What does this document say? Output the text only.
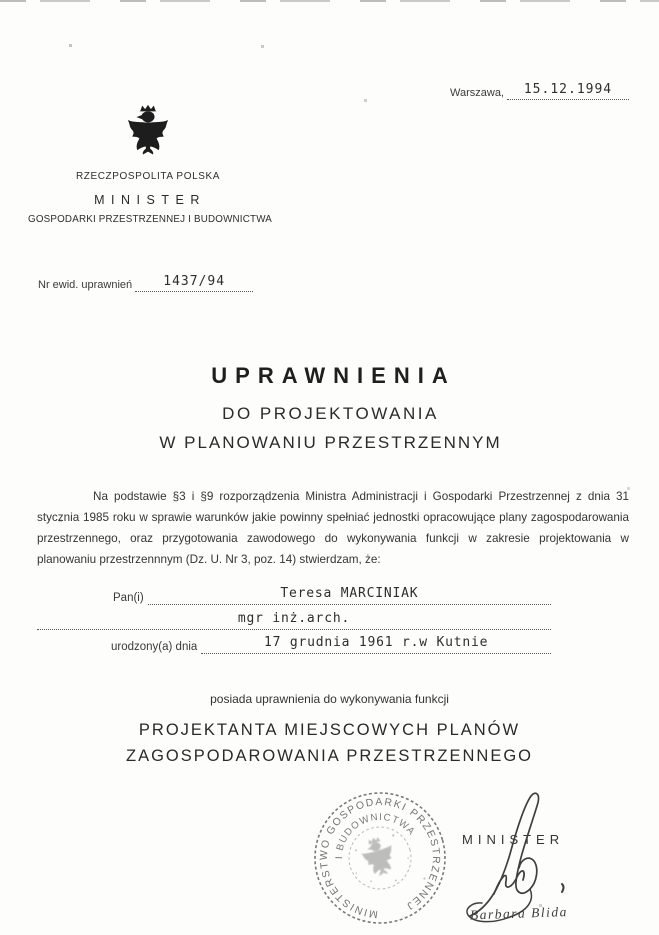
Warszawa,	15.12.1994
RZECZPOSPOLITA POLSKA
MINISTER
GOSPODARKI PRZESTRZENNEJ I BUDOWNICTWA
Nr ewid. uprawnień	1437/94
UPRAWNIENIA
DO PROJEKTOWANIA
W PLANOWANIU PRZESTRZENNYM

Na podstawie §3 i §9 rozporządzenia Ministra Administracji i Gospodarki Przestrzennej z dnia 31 stycznia 1985 roku w sprawie warunków jakie powinny spełniać jednostki opracowujące plany zagospodarowania przestrzennego, oraz przygotowania zawodowego do wykonywania funkcji w zakresie projektowania w planowaniu przestrzennnym (Dz. U. Nr 3, poz. 14) stwierdzam, że:

Pan(i)	Teresa MARCINIAK
mgr inż.arch.
urodzony(a) dnia	17 grudnia 1961 r.w Kutnie
posiada uprawnienia do wykonywania funkcji
PROJEKTANTA MIEJSCOWYCH PLANÓW
ZAGOSPODAROWANIA PRZESTRZENNEGO
MINISTERSTWO GOSPODARKI PRZESTRZENNEJ
I BUDOWNICTWA
MINISTER
Barbara Blida
